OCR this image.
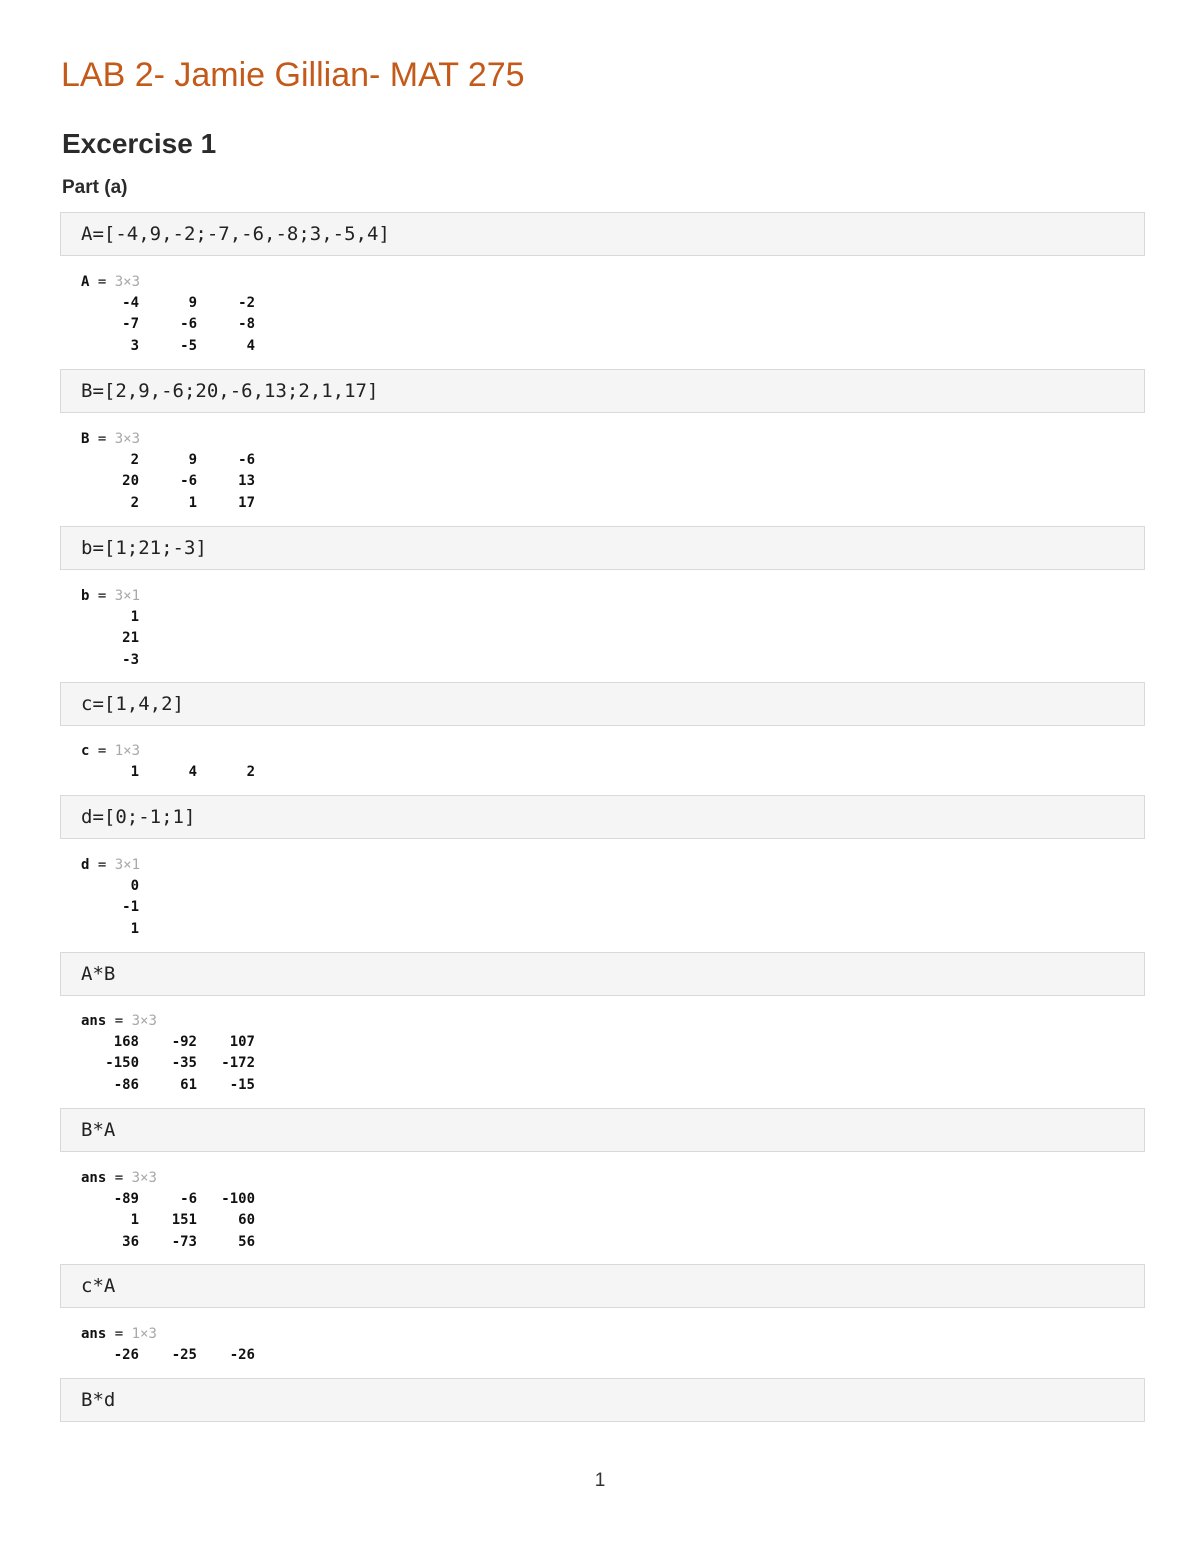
LAB 2- Jamie Gillian- MAT 275
Excercise 1
Part (a)
A=[-4,9,-2;-7,-6,-8;3,-5,4]
A = 3×3
-4	9	-2
-7	-6	-8
3	-5	4
B=[2,9,-6;20,-6,13;2,1,17]
B = 3×3
2	9	-6
20	-6	13
2	1	17
b=[1;21;-3]
b = 3×1
1
21
-3
c=[1,4,2]
c = 1×3
1	4	2
d=[0;-1;1]
d = 3×1
0
-1
1
A*B
ans = 3×3
168	-92	107
-150	-35	-172
-86	61	-15
B*A
ans = 3×3
-89	-6	-100
1	151	60
36	-73	56
c*A
ans = 1×3
-26	-25	-26
B*d
1
